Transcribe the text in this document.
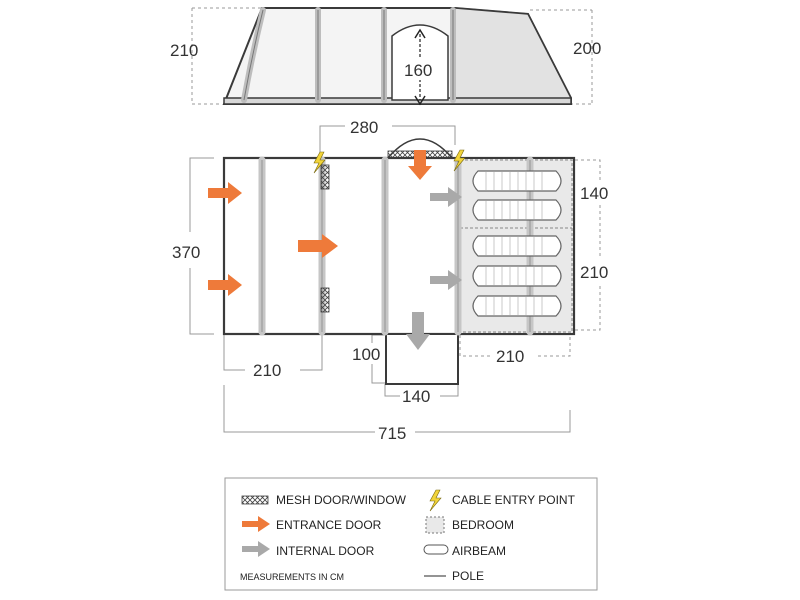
210	200
160
280
370
140
210
210
210
100
140
715
MESH DOOR/WINDOW
ENTRANCE DOOR
INTERNAL DOOR
MEASUREMENTS IN CM
CABLE ENTRY POINT
BEDROOM
AIRBEAM
POLE
